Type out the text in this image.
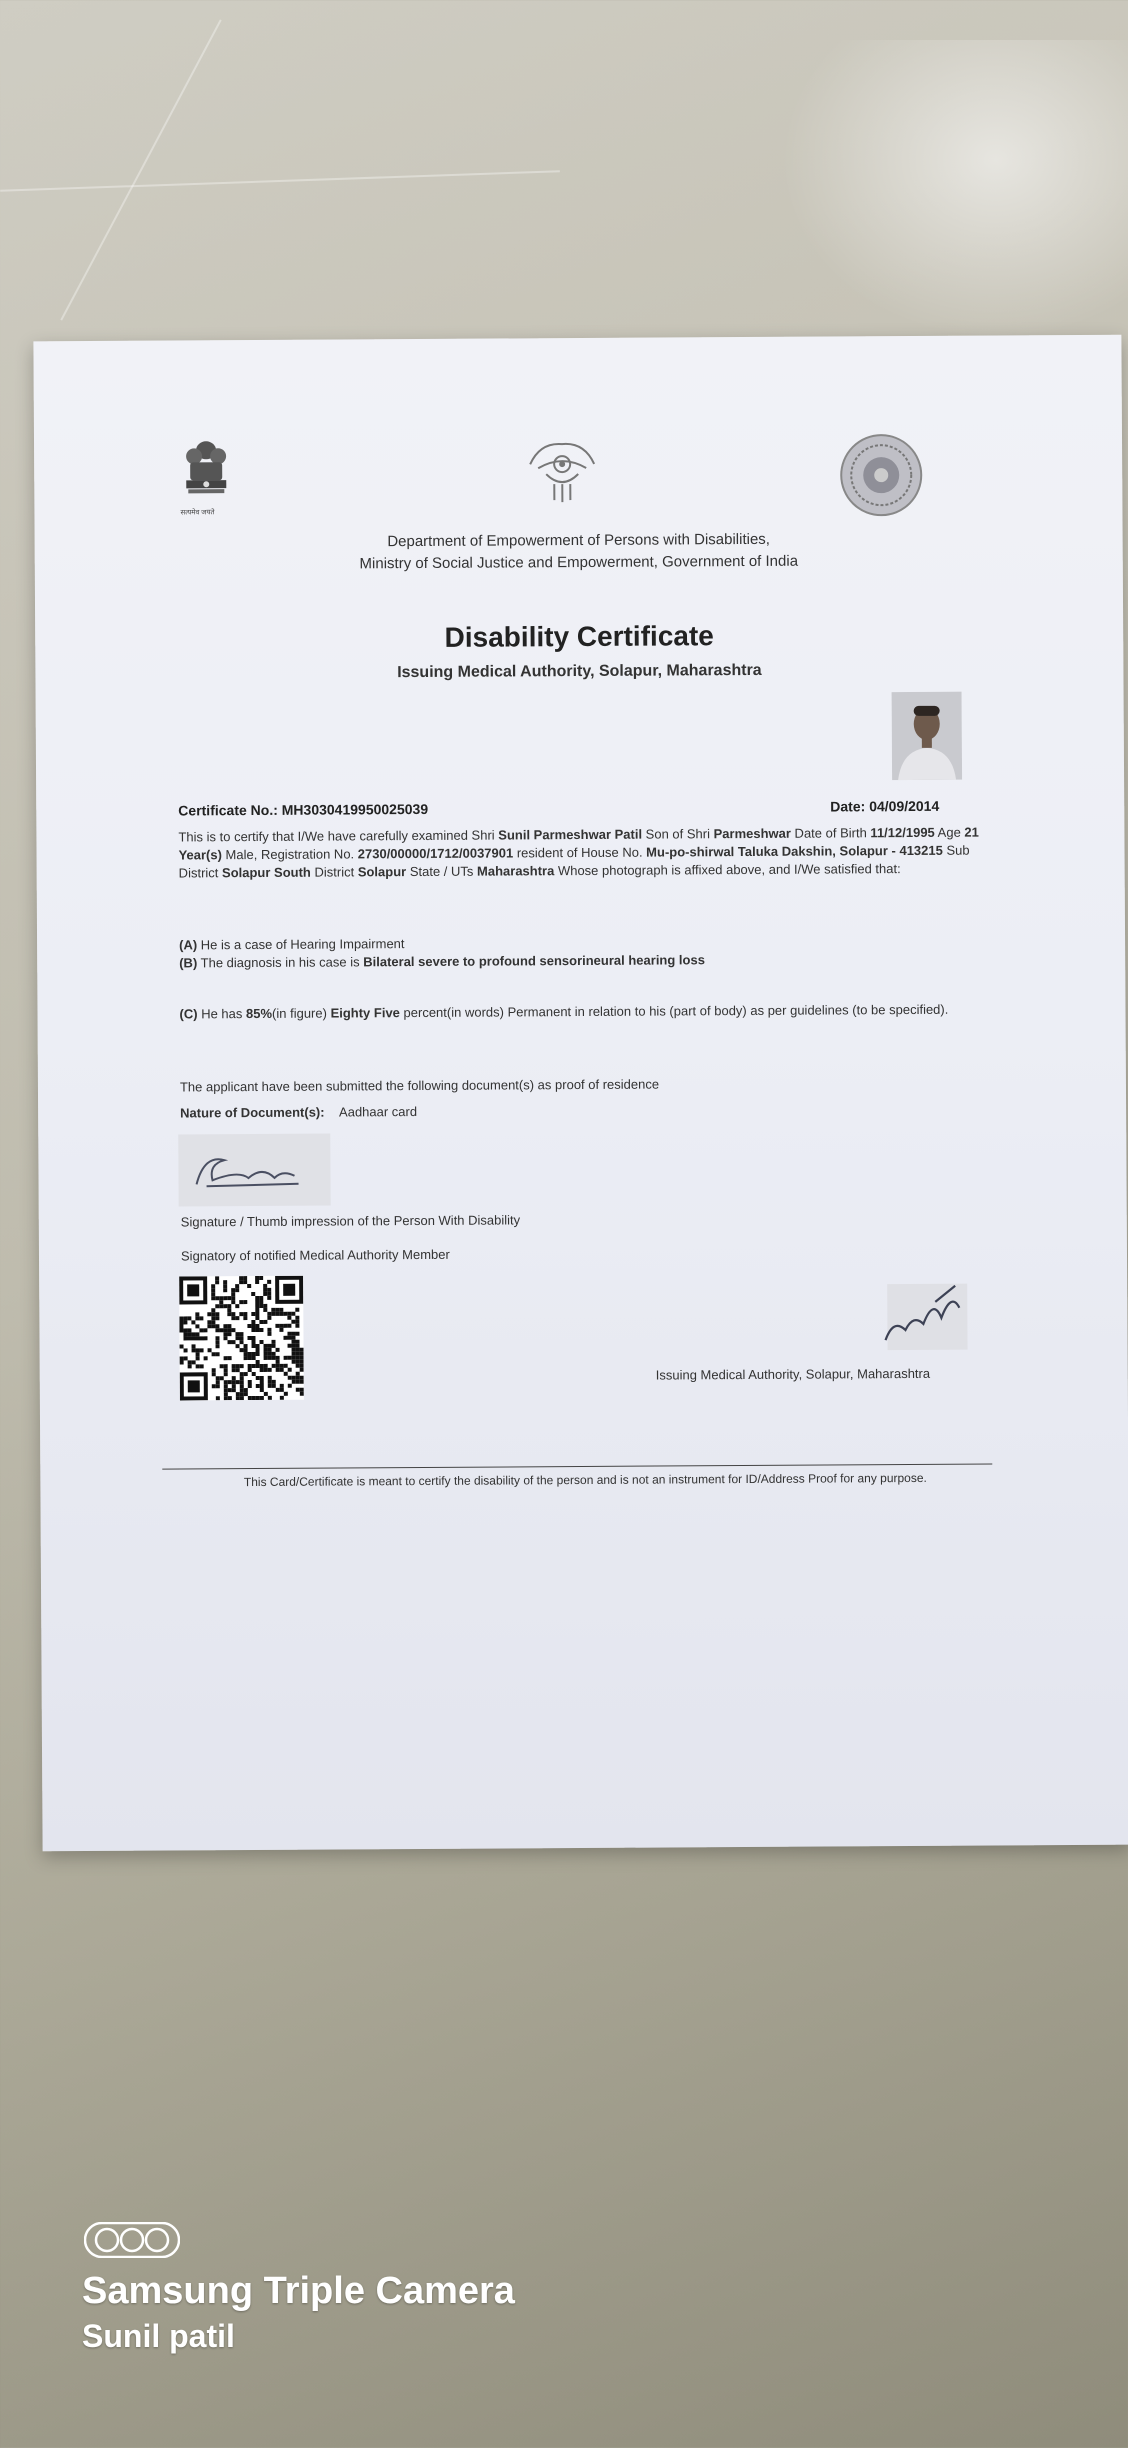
सत्यमेव जयते
Department of Empowerment of Persons with Disabilities,
Ministry of Social Justice and Empowerment, Government of India
Disability Certificate
Issuing Medical Authority, Solapur, Maharashtra
Certificate No.: MH3030419950025039	Date: 04/09/2014
This is to certify that I/We have carefully examined Shri Sunil Parmeshwar Patil Son of Shri Parmeshwar Date of Birth 11/12/1995 Age 21 Year(s) Male, Registration No. 2730/00000/1712/0037901 resident of House No. Mu-po-shirwal Taluka Dakshin, Solapur - 413215 Sub District Solapur South District Solapur State / UTs Maharashtra Whose photograph is affixed above, and I/We satisfied that:
(A) He is a case of Hearing Impairment
(B) The diagnosis in his case is Bilateral severe to profound sensorineural hearing loss
(C) He has 85%(in figure) Eighty Five percent(in words) Permanent in relation to his (part of body) as per guidelines (to be specified).
The applicant have been submitted the following document(s) as proof of residence
Nature of Document(s): Aadhaar card
Signature / Thumb impression of the Person With Disability
Signatory of notified Medical Authority Member
Issuing Medical Authority, Solapur, Maharashtra
This Card/Certificate is meant to certify the disability of the person and is not an instrument for ID/Address Proof for any purpose.
Samsung Triple Camera
Sunil patil
